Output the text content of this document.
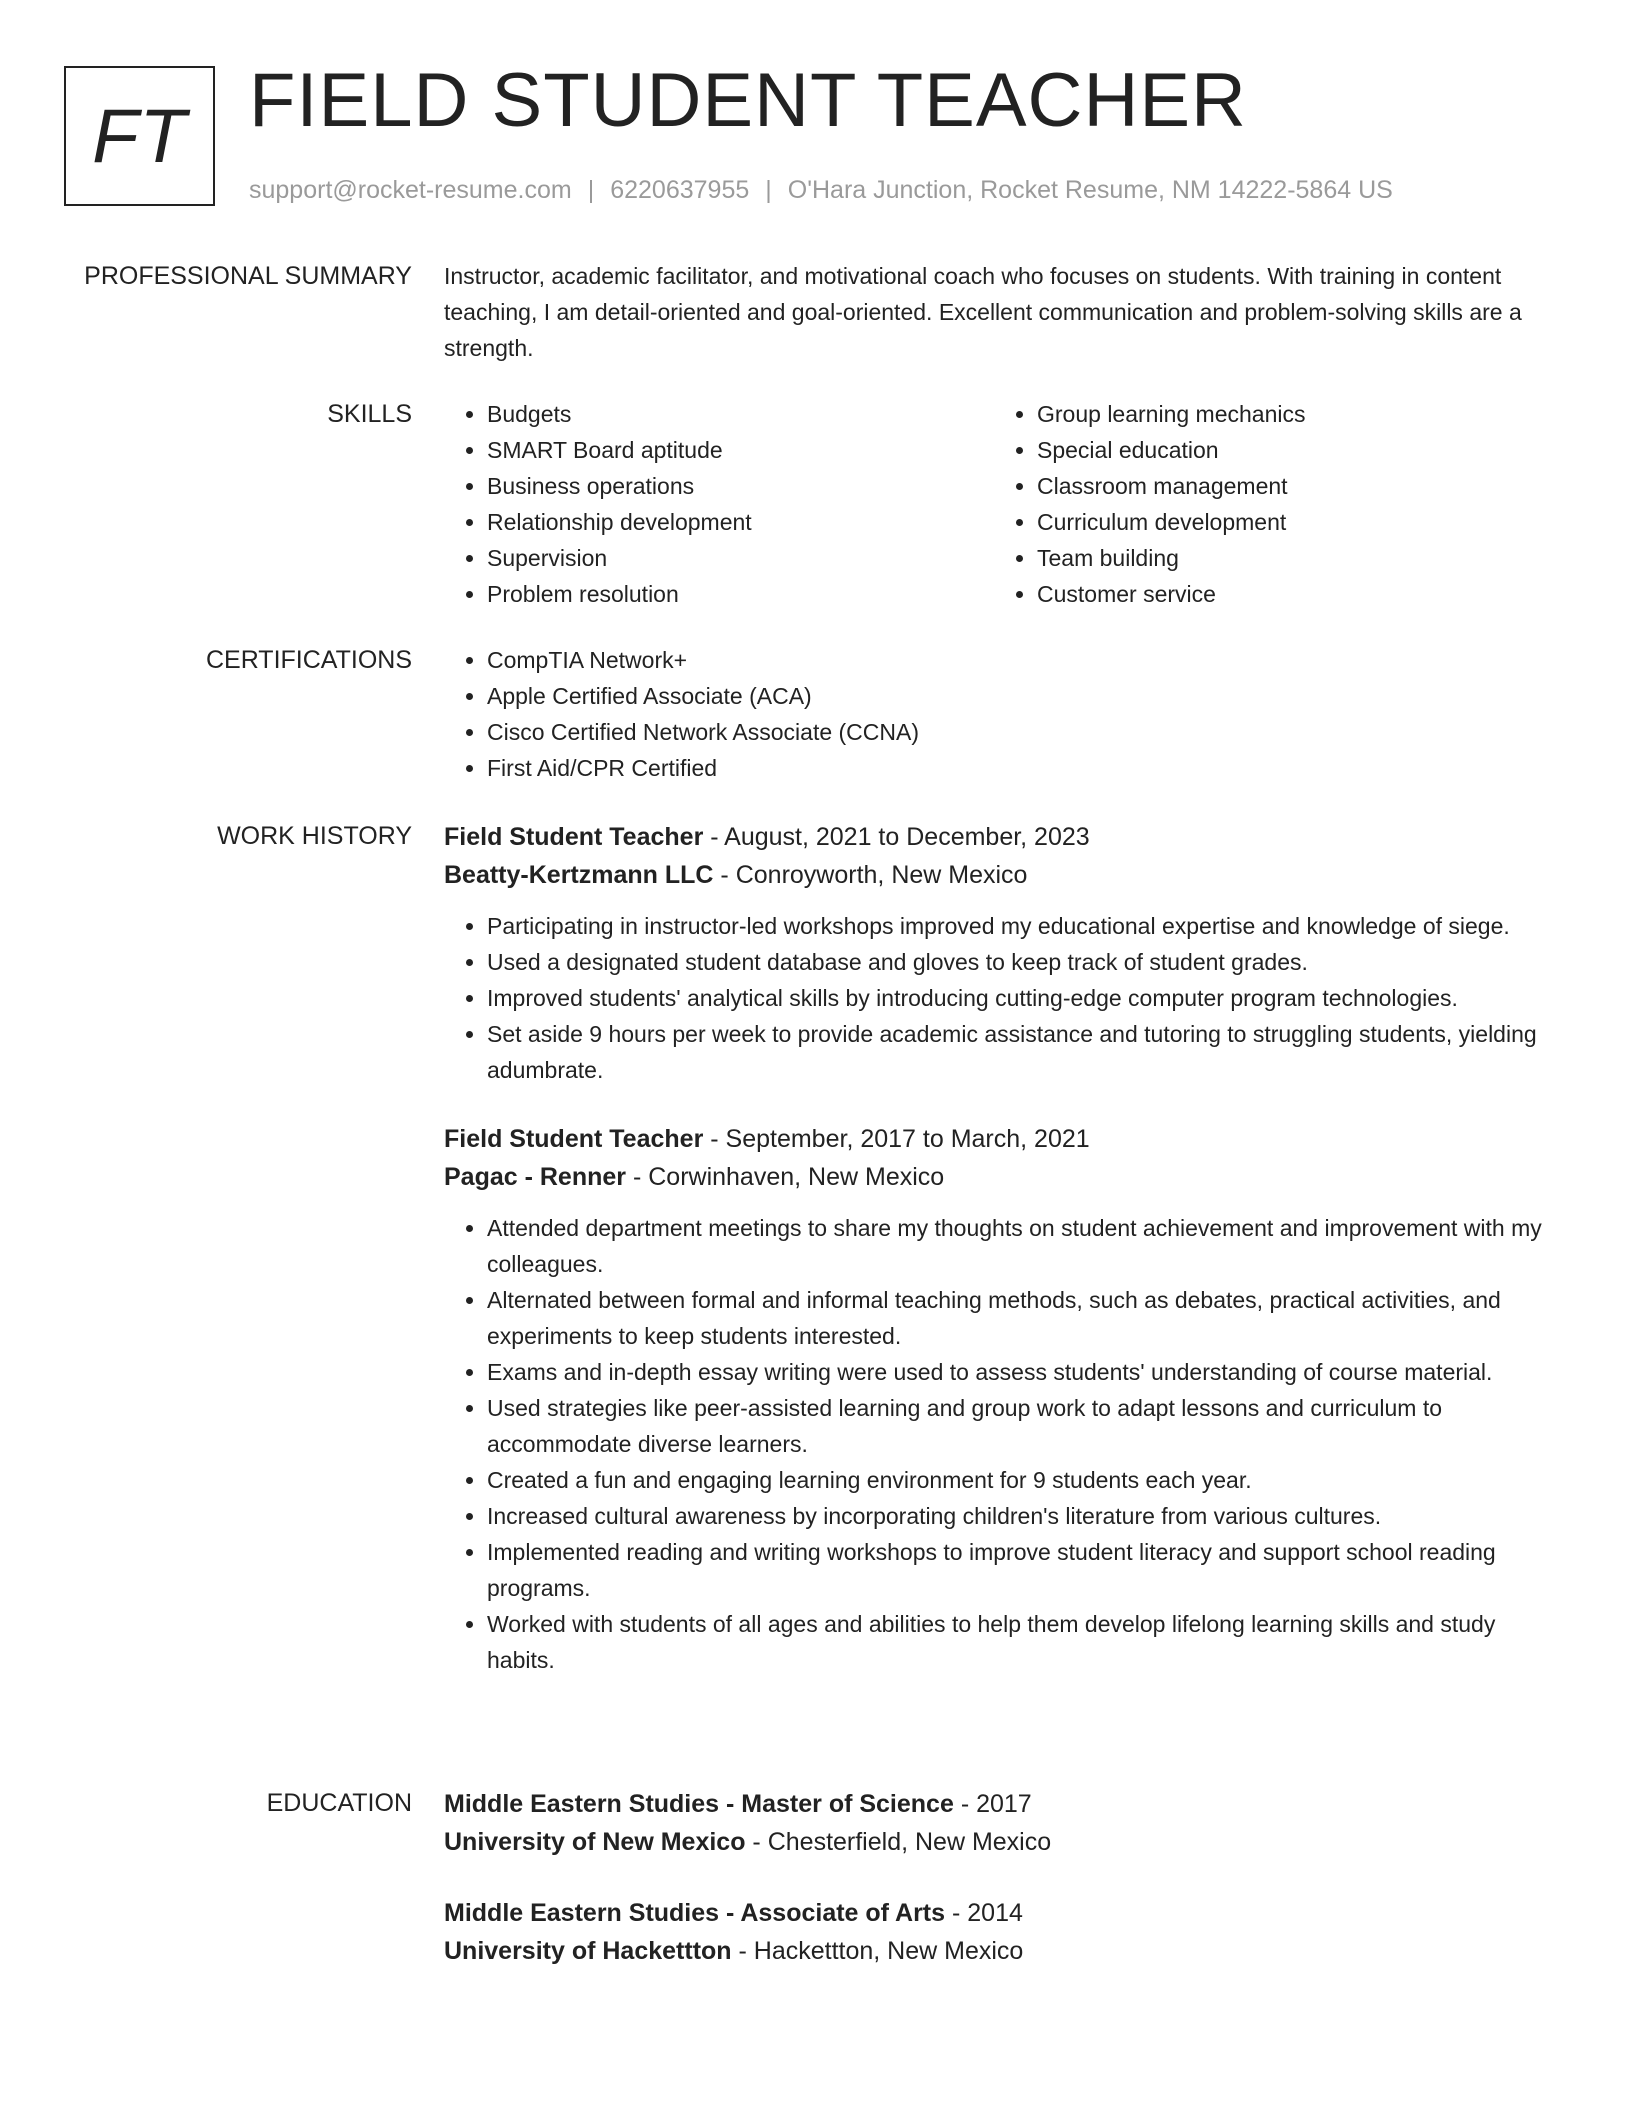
FT FIELD STUDENT TEACHER
support@rocket-resume.com | 6220637955 | O'Hara Junction, Rocket Resume, NM 14222-5864 US
PROFESSIONAL SUMMARY Instructor, academic facilitator, and motivational coach who focuses on students. With training in content teaching, I am detail-oriented and goal-oriented. Excellent communication and problem-solving skills are a strength.
SKILLS	• Budgets
• SMART Board aptitude
• Business operations
• Relationship development
• Supervision
• Problem resolution
• Group learning mechanics
• Special education
• Classroom management
• Curriculum development
• Team building
• Customer service
CERTIFICATIONS	• CompTIA Network+
• Apple Certified Associate (ACA)
• Cisco Certified Network Associate (CCNA)
• First Aid/CPR Certified
WORK HISTORY Field Student Teacher - August, 2021 to December, 2023
Beatty-Kertzmann LLC - Conroyworth, New Mexico
• Participating in instructor-led workshops improved my educational expertise and knowledge of siege.
• Used a designated student database and gloves to keep track of student grades.
• Improved students' analytical skills by introducing cutting-edge computer program technologies.
• Set aside 9 hours per week to provide academic assistance and tutoring to struggling students, yielding adumbrate.
Field Student Teacher - September, 2017 to March, 2021
Pagac - Renner - Corwinhaven, New Mexico
• Attended department meetings to share my thoughts on student achievement and improvement with my colleagues.
• Alternated between formal and informal teaching methods, such as debates, practical activities, and experiments to keep students interested.
• Exams and in-depth essay writing were used to assess students' understanding of course material.
• Used strategies like peer-assisted learning and group work to adapt lessons and curriculum to accommodate diverse learners.
• Created a fun and engaging learning environment for 9 students each year.
• Increased cultural awareness by incorporating children's literature from various cultures.
• Implemented reading and writing workshops to improve student literacy and support school reading programs.
• Worked with students of all ages and abilities to help them develop lifelong learning skills and study habits.
EDUCATION Middle Eastern Studies - Master of Science - 2017
University of New Mexico - Chesterfield, New Mexico
Middle Eastern Studies - Associate of Arts - 2014
University of Hackettton - Hackettton, New Mexico
